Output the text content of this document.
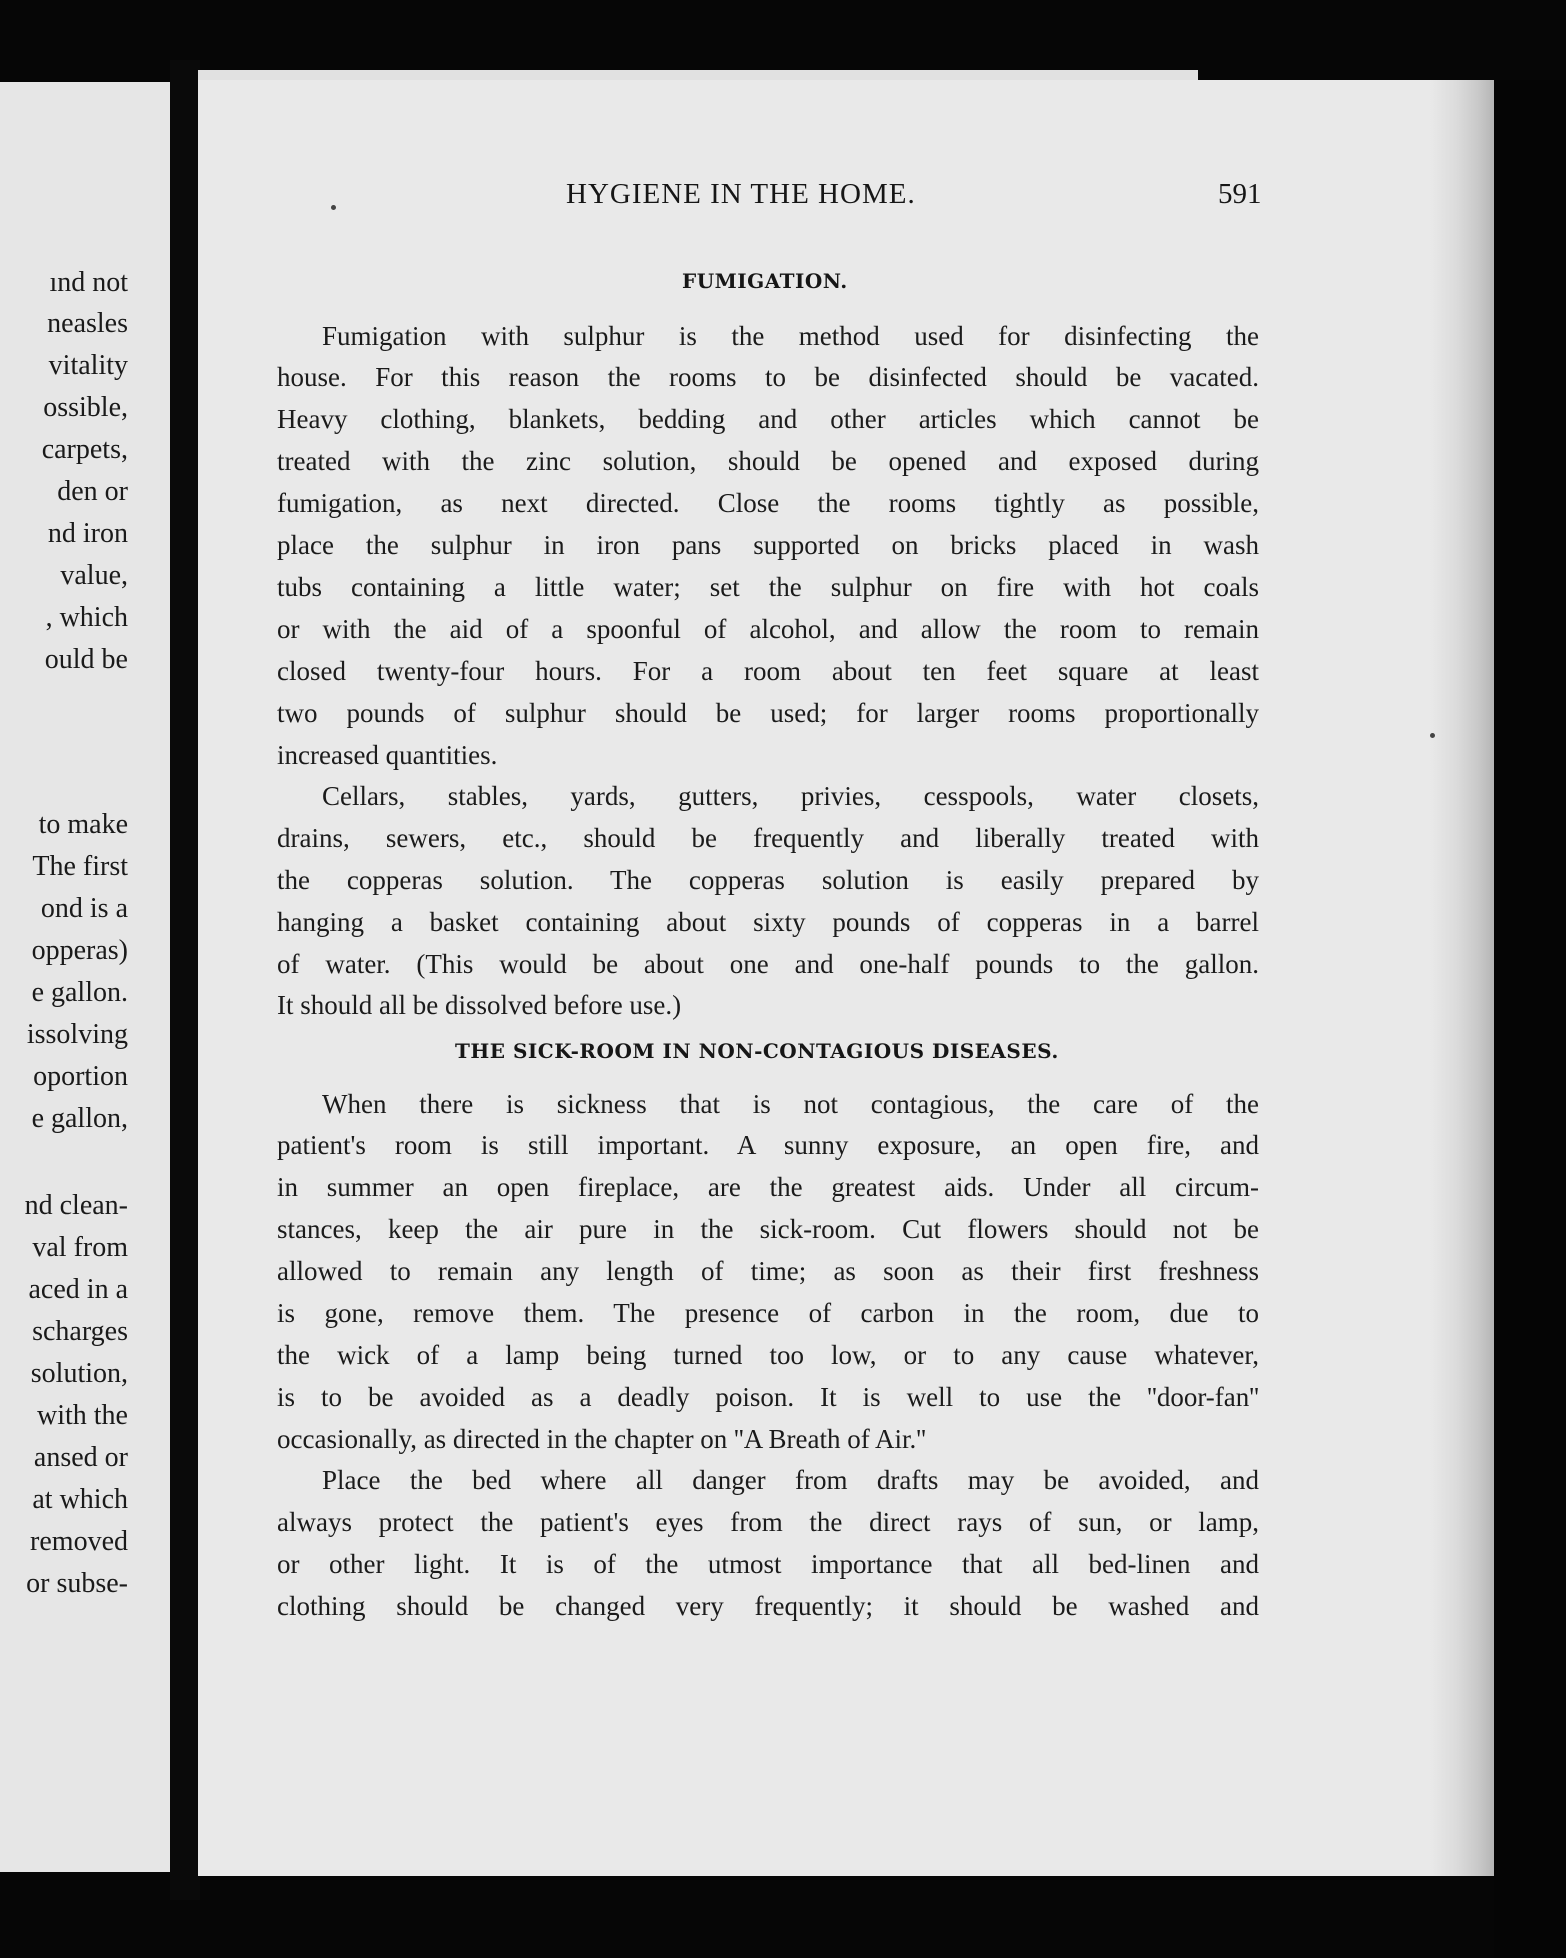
ınd not
neasles
vitality
ossible,
carpets,
den or
nd iron
value,
, which
ould be
to make
The first
ond is a
opperas)
e gallon.
issolving
oportion
e gallon,
nd clean-
val from
aced in a
scharges
solution,
with the
ansed or
at which
removed
or subse-
HYGIENE IN THE HOME.	591
FUMIGATION.
Fumigation with sulphur is the method used for disinfecting the
house. For this reason the rooms to be disinfected should be vacated.
Heavy clothing, blankets, bedding and other articles which cannot be
treated with the zinc solution, should be opened and exposed during
fumigation, as next directed. Close the rooms tightly as possible,
place the sulphur in iron pans supported on bricks placed in wash
tubs containing a little water; set the sulphur on fire with hot coals
or with the aid of a spoonful of alcohol, and allow the room to remain
closed twenty-four hours. For a room about ten feet square at least
two pounds of sulphur should be used; for larger rooms proportionally
increased quantities.
Cellars, stables, yards, gutters, privies, cesspools, water closets,
drains, sewers, etc., should be frequently and liberally treated with
the copperas solution. The copperas solution is easily prepared by
hanging a basket containing about sixty pounds of copperas in a barrel
of water. (This would be about one and one-half pounds to the gallon.
It should all be dissolved before use.)
THE SICK-ROOM IN NON-CONTAGIOUS DISEASES.
When there is sickness that is not contagious, the care of the
patient's room is still important. A sunny exposure, an open fire, and
in summer an open fireplace, are the greatest aids. Under all circum-
stances, keep the air pure in the sick-room. Cut flowers should not be
allowed to remain any length of time; as soon as their first freshness
is gone, remove them. The presence of carbon in the room, due to
the wick of a lamp being turned too low, or to any cause whatever,
is to be avoided as a deadly poison. It is well to use the ''door-fan''
occasionally, as directed in the chapter on ''A Breath of Air.''
Place the bed where all danger from drafts may be avoided, and
always protect the patient's eyes from the direct rays of sun, or lamp,
or other light. It is of the utmost importance that all bed-linen and
clothing should be changed very frequently; it should be washed and
